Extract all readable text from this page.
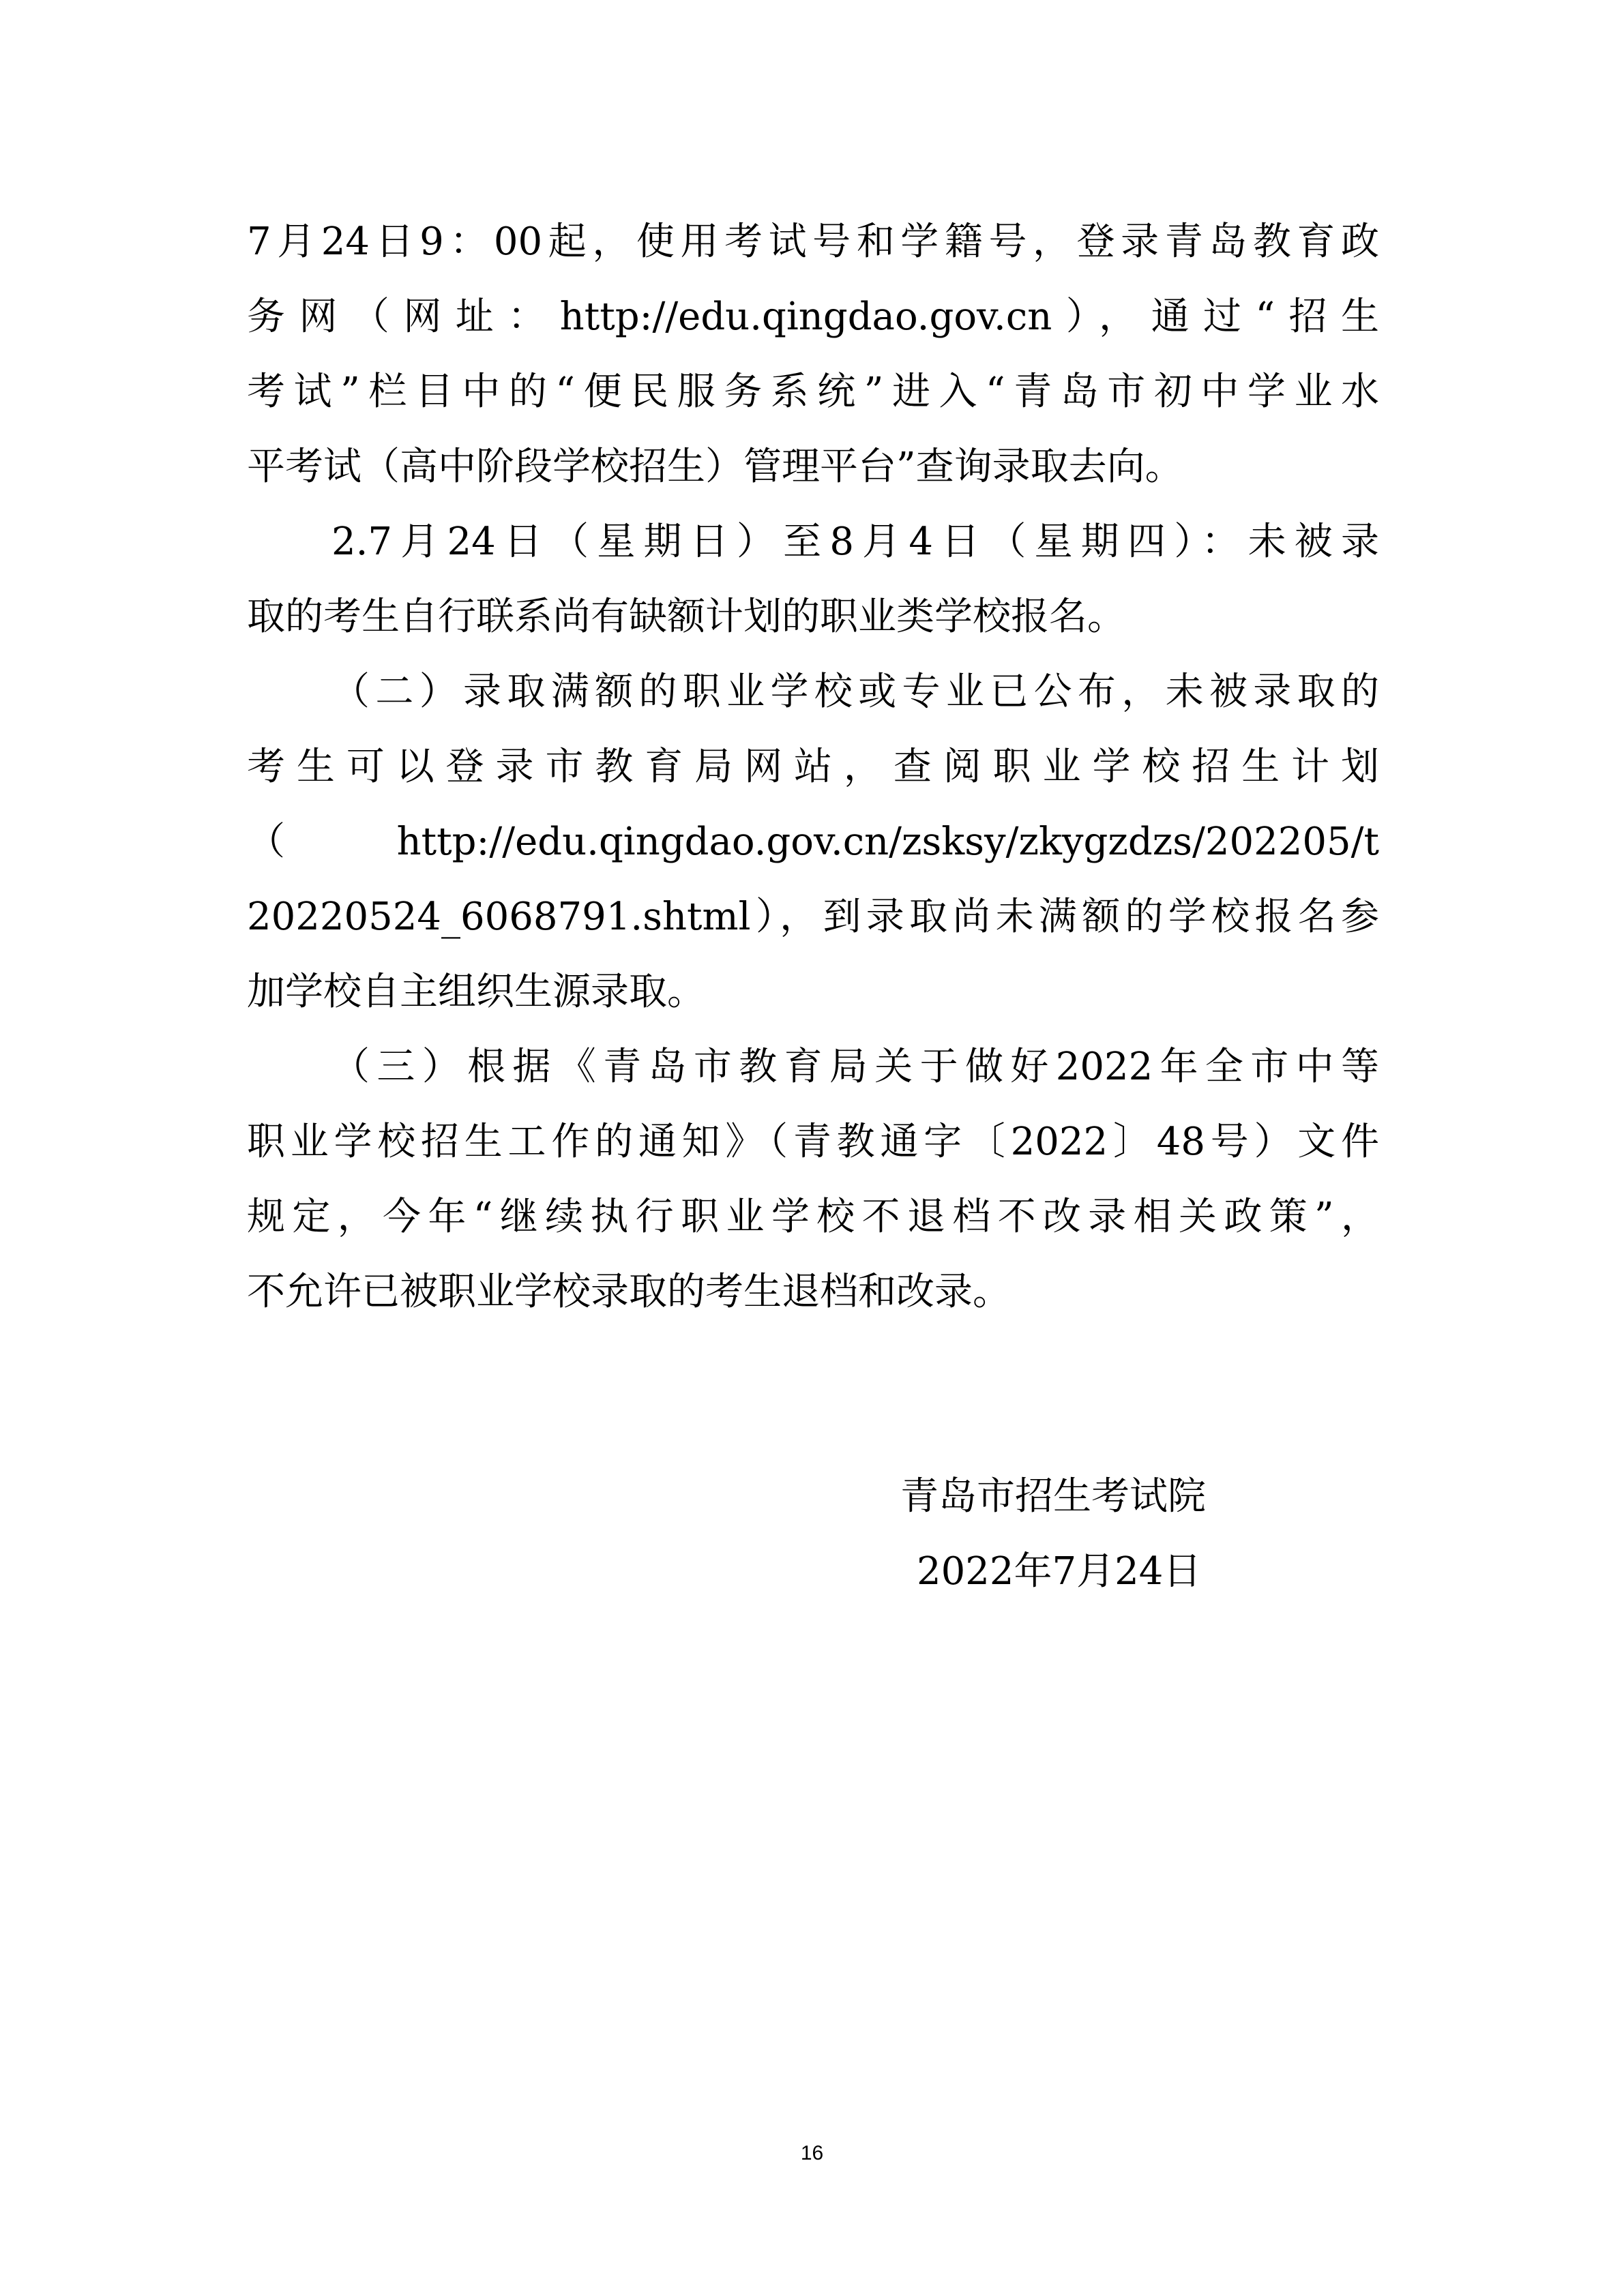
7月24日9：00起，使用考试号和学籍号，登录青岛教育政
务网（网址：http://edu.qingdao.gov.cn），通过“招生
考试”栏目中的“便民服务系统”进入“青岛市初中学业水
平考试（高中阶段学校招生）管理平台”查询录取去向。
2.7月24日（星期日）至8月4日（星期四）：未被录
取的考生自行联系尚有缺额计划的职业类学校报名。
（二）录取满额的职业学校或专业已公布，未被录取的
考生可以登录市教育局网站，查阅职业学校招生计划
（http://edu.qingdao.gov.cn/zsksy/zkygzdzs/202205/t
20220524_6068791.shtml），到录取尚未满额的学校报名参
加学校自主组织生源录取。
（三）根据《青岛市教育局关于做好2022年全市中等
职业学校招生工作的通知》（青教通字〔2022〕48号）文件
规定，今年“继续执行职业学校不退档不改录相关政策”，
不允许已被职业学校录取的考生退档和改录。
青岛市招生考试院
2022年7月24日
16
